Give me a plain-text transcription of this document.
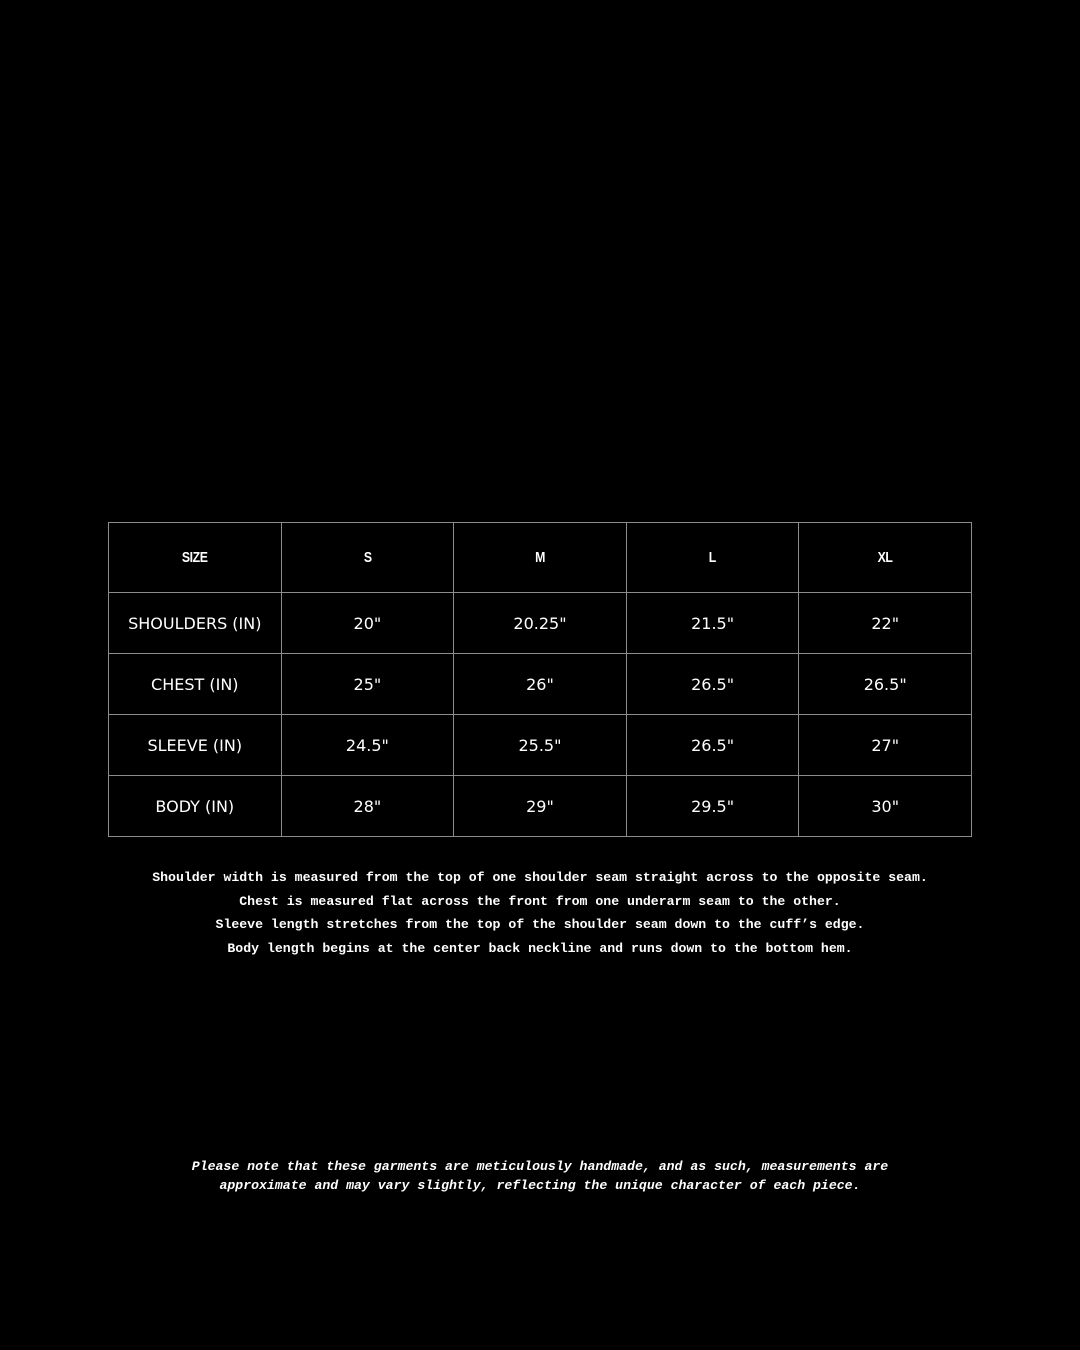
SIZE	S	M	L	XL
SHOULDERS (IN)	20"	20.25"	21.5"	22"
CHEST (IN)	25"	26"	26.5"	26.5"
SLEEVE (IN)	24.5"	25.5"	26.5"	27"
BODY (IN)	28"	29"	29.5"	30"
Shoulder width is measured from the top of one shoulder seam straight across to the opposite seam.
Chest is measured flat across the front from one underarm seam to the other.
Sleeve length stretches from the top of the shoulder seam down to the cuff’s edge.
Body length begins at the center back neckline and runs down to the bottom hem.
Please note that these garments are meticulously handmade, and as such, measurements are
approximate and may vary slightly, reflecting the unique character of each piece.
